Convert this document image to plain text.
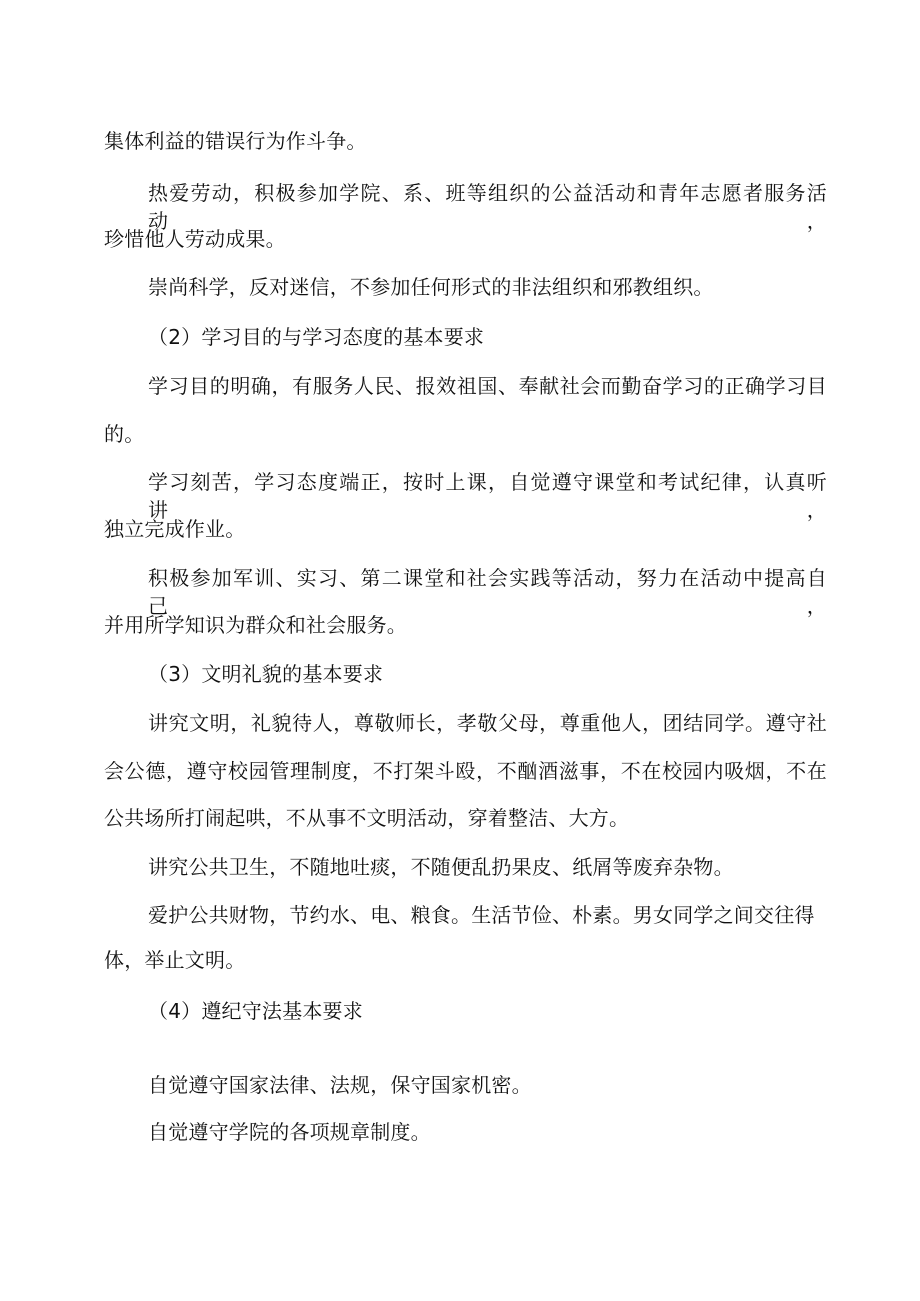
集体利益的错误行为作斗争。
热爱劳动，积极参加学院、系、班等组织的公益活动和青年志愿者服务活动，
珍惜他人劳动成果。
崇尚科学，反对迷信，不参加任何形式的非法组织和邪教组织。
（2）学习目的与学习态度的基本要求
学习目的明确，有服务人民、报效祖国、奉献社会而勤奋学习的正确学习目
的。
学习刻苦，学习态度端正，按时上课，自觉遵守课堂和考试纪律，认真听讲，
独立完成作业。
积极参加军训、实习、第二课堂和社会实践等活动，努力在活动中提高自己，
并用所学知识为群众和社会服务。
（3）文明礼貌的基本要求
讲究文明，礼貌待人，尊敬师长，孝敬父母，尊重他人，团结同学。遵守社
会公德，遵守校园管理制度，不打架斗殴，不酗酒滋事，不在校园内吸烟，不在
公共场所打闹起哄，不从事不文明活动，穿着整洁、大方。
讲究公共卫生，不随地吐痰，不随便乱扔果皮、纸屑等废弃杂物。
爱护公共财物，节约水、电、粮食。生活节俭、朴素。男女同学之间交往得
体，举止文明。
（4）遵纪守法基本要求
自觉遵守国家法律、法规，保守国家机密。
自觉遵守学院的各项规章制度。
